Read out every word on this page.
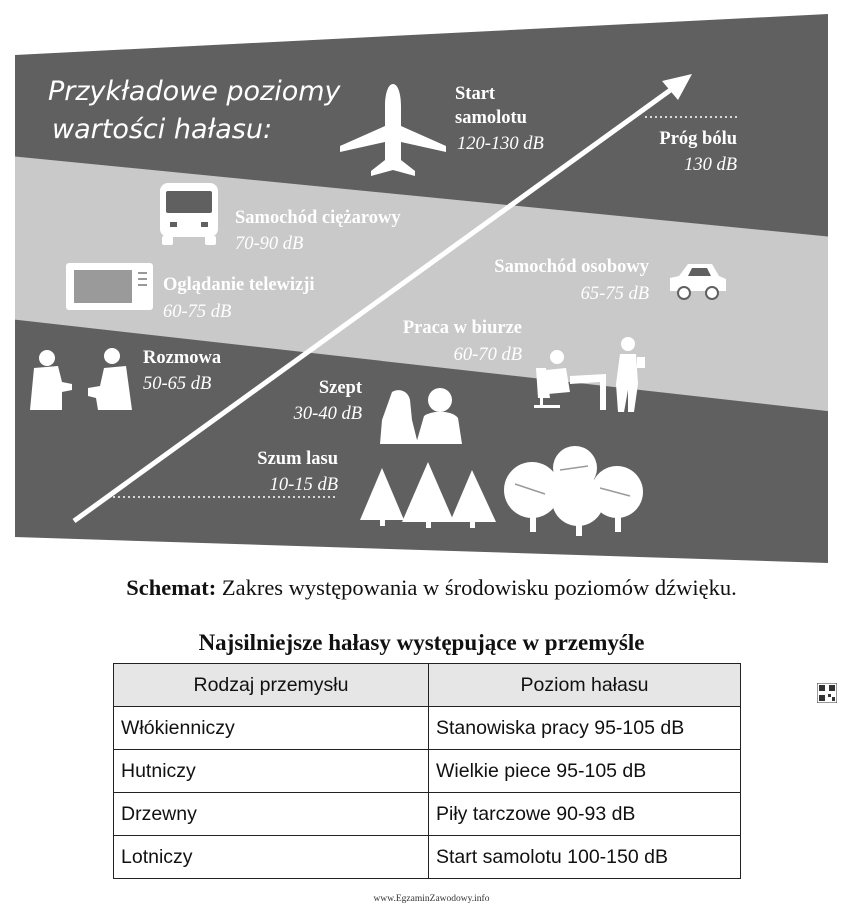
Przykładowe poziomy
wartości hałasu:
Start
samolotu
120-130 dB	Próg bólu
130 dB
Samochód ciężarowy
70-90 dB
Oglądanie telewizji
60-75 dB
Samochód osobowy
65-75 dB
Praca w biurze
60-70 dB
Rozmowa
50-65 dB	Szept
30-40 dB
Szum lasu
10-15 dB
Schemat: Zakres występowania w środowisku poziomów dźwięku.
Najsilniejsze hałasy występujące w przemyśle
Rodzaj przemysłu	Poziom hałasu
Włókienniczy	Stanowiska pracy 95-105 dB
Hutniczy	Wielkie piece 95-105 dB
Drzewny	Piły tarczowe 90-93 dB
Lotniczy	Start samolotu 100-150 dB
www.EgzaminZawodowy.info
